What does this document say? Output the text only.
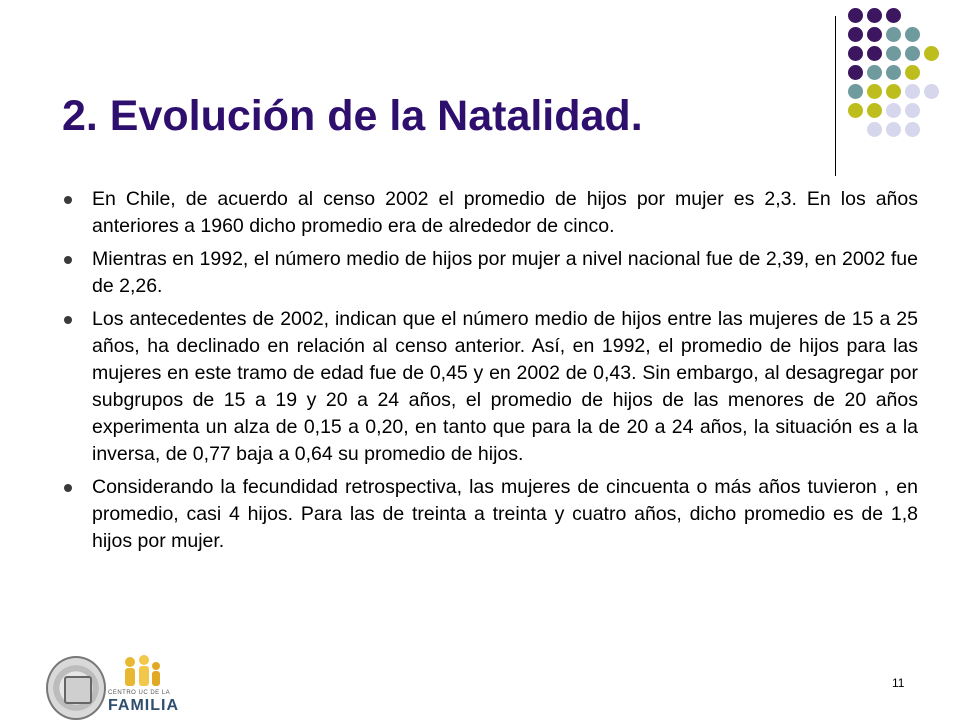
2. Evolución de la Natalidad.
En Chile, de acuerdo al censo 2002 el promedio de hijos por mujer es 2,3. En los años anteriores a 1960 dicho promedio era de alrededor de cinco.
Mientras en 1992, el número medio de hijos por mujer a nivel nacional fue de 2,39, en 2002 fue de 2,26.
Los antecedentes de 2002, indican que el número medio de hijos entre las mujeres de 15 a 25 años, ha declinado en relación al censo anterior. Así, en 1992, el promedio de hijos para las mujeres en este tramo de edad fue de 0,45 y en 2002 de 0,43. Sin embargo, al desagregar por subgrupos de 15 a 19 y 20 a 24 años, el promedio de hijos de las menores de 20 años experimenta un alza de 0,15 a 0,20, en tanto que para la de 20 a 24 años, la situación es a la inversa, de 0,77 baja a 0,64 su promedio de hijos.
Considerando la fecundidad retrospectiva, las mujeres de cincuenta o más años tuvieron , en promedio, casi 4 hijos. Para las de treinta a treinta y cuatro años, dicho promedio es de 1,8 hijos por mujer.
CENTRO UC DE LA
FAMILIA
11
